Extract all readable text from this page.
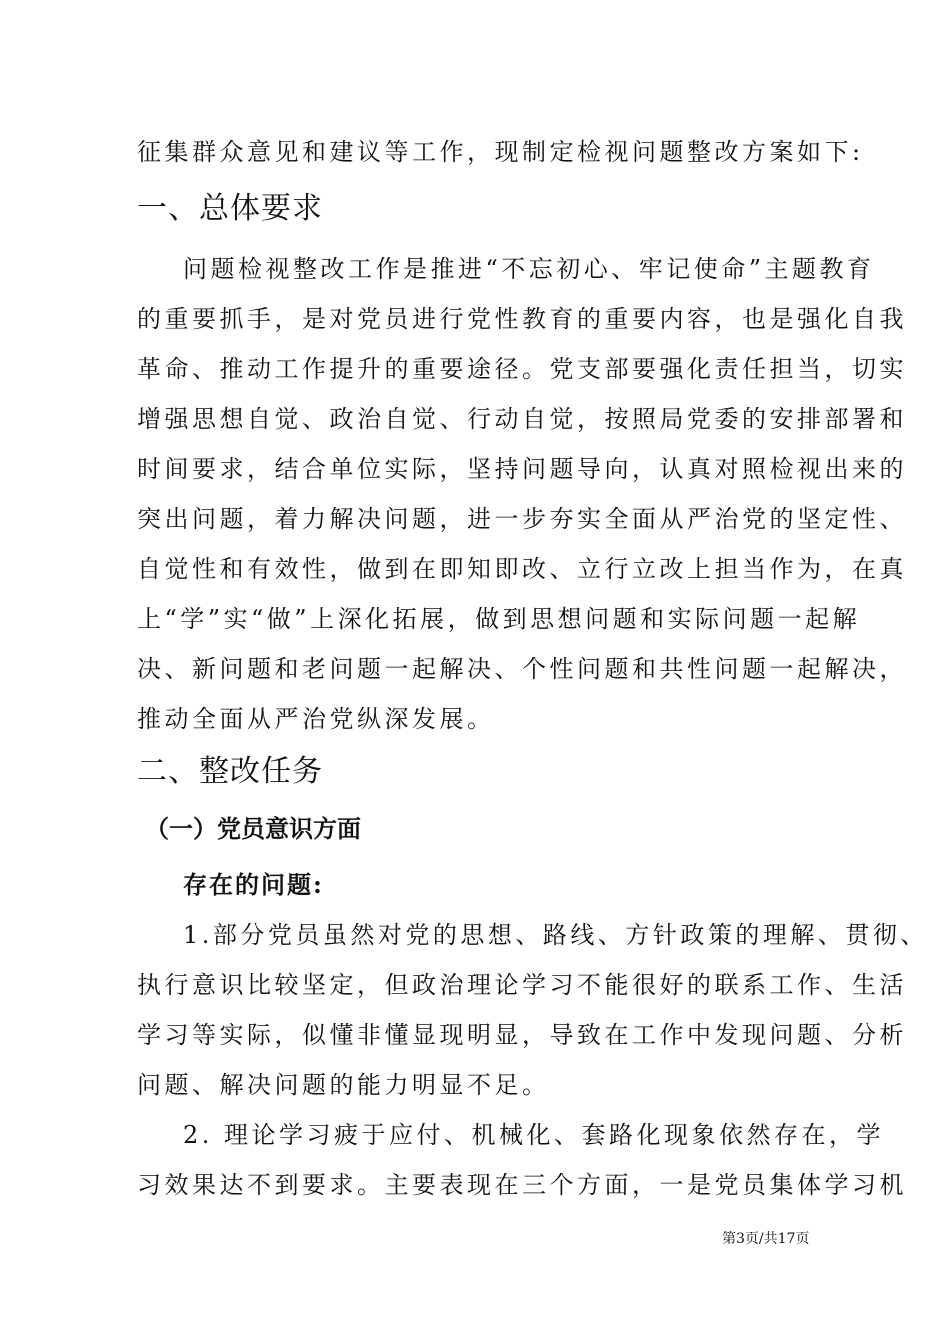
征集群众意见和建议等工作，现制定检视问题整改方案如下:
一、总体要求
问题检视整改工作是推进“不忘初心、牢记使命”主题教育
的重要抓手，是对党员进行党性教育的重要内容，也是强化自我
革命、推动工作提升的重要途径。党支部要强化责任担当，切实
增强思想自觉、政治自觉、行动自觉，按照局党委的安排部署和
时间要求，结合单位实际，坚持问题导向，认真对照检视出来的
突出问题，着力解决问题，进一步夯实全面从严治党的坚定性、
自觉性和有效性，做到在即知即改、立行立改上担当作为，在真
上“学”实“做”上深化拓展，做到思想问题和实际问题一起解
决、新问题和老问题一起解决、个性问题和共性问题一起解决，
推动全面从严治党纵深发展。
二、整改任务
（一）党员意识方面
存在的问题:
1.部分党员虽然对党的思想、路线、方针政策的理解、贯彻、
执行意识比较坚定，但政治理论学习不能很好的联系工作、生活
学习等实际，似懂非懂显现明显，导致在工作中发现问题、分析
问题、解决问题的能力明显不足。
2. 理论学习疲于应付、机械化、套路化现象依然存在，学
习效果达不到要求。主要表现在三个方面，一是党员集体学习机
第3页/共17页
